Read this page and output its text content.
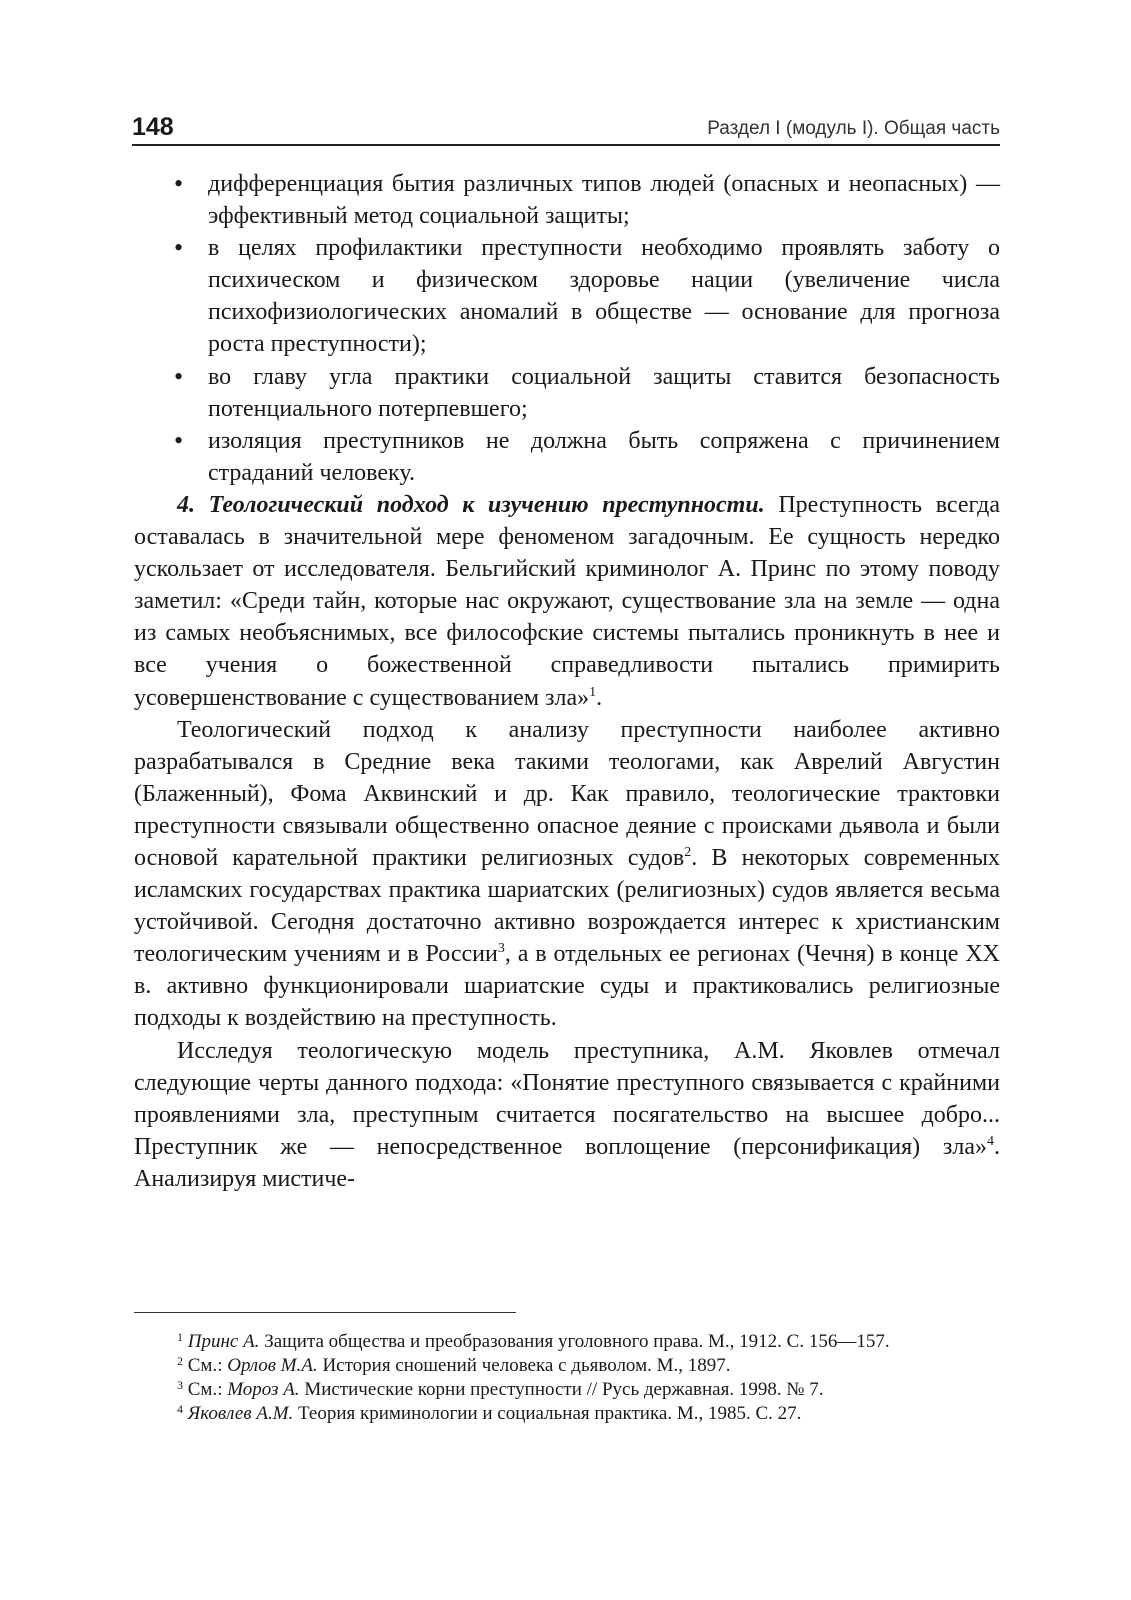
148	Раздел I (модуль I). Общая часть
• дифференциация бытия различных типов людей (опасных и неопасных) — эффективный метод социальной защиты;
• в целях профилактики преступности необходимо проявлять заботу о психическом и физическом здоровье нации (увеличение числа психофизиологических аномалий в обществе — основание для прогноза роста преступности);
• во главу угла практики социальной защиты ставится безопасность потенциального потерпевшего;
• изоляция преступников не должна быть сопряжена с причинением страданий человеку.

4. Теологический подход к изучению преступности. Преступность всегда оставалась в значительной мере феноменом загадочным. Ее сущность нередко ускользает от исследователя. Бельгийский криминолог А. Принс по этому поводу заметил: «Среди тайн, которые нас окружают, существование зла на земле — одна из самых необъяснимых, все философские системы пытались проникнуть в нее и все учения о божественной справедливости пытались примирить усовершенствование с существованием зла»$^1$.

Теологический подход к анализу преступности наиболее активно разрабатывался в Средние века такими теологами, как Аврелий Августин (Блаженный), Фома Аквинский и др. Как правило, теологические трактовки преступности связывали общественно опасное деяние с происками дьявола и были основой карательной практики религиозных судов$^2$. В некоторых современных исламских государствах практика шариатских (религиозных) судов является весьма устойчивой. Сегодня достаточно активно возрождается интерес к христианским теологическим учениям и в России$^3$, а в отдельных ее регионах (Чечня) в конце XX в. активно функционировали шариатские суды и практиковались религиозные подходы к воздействию на преступность.

Исследуя теологическую модель преступника, А.М. Яковлев отмечал следующие черты данного подхода: «Понятие преступного связывается с крайними проявлениями зла, преступным считается посягательство на высшее добро... Преступник же — непосредственное воплощение (персонификация) зла»$^4$. Анализируя мистиче-

$^1$ Принс А. Защита общества и преобразования уголовного права. М., 1912. С. 156—157.

$^2$ См.: Орлов М.А. История сношений человека с дьяволом. М., 1897.

$^3$ См.: Мороз А. Мистические корни преступности // Русь державная. 1998. № 7.

$^4$ Яковлев А.М. Теория криминологии и социальная практика. М., 1985. С. 27.
